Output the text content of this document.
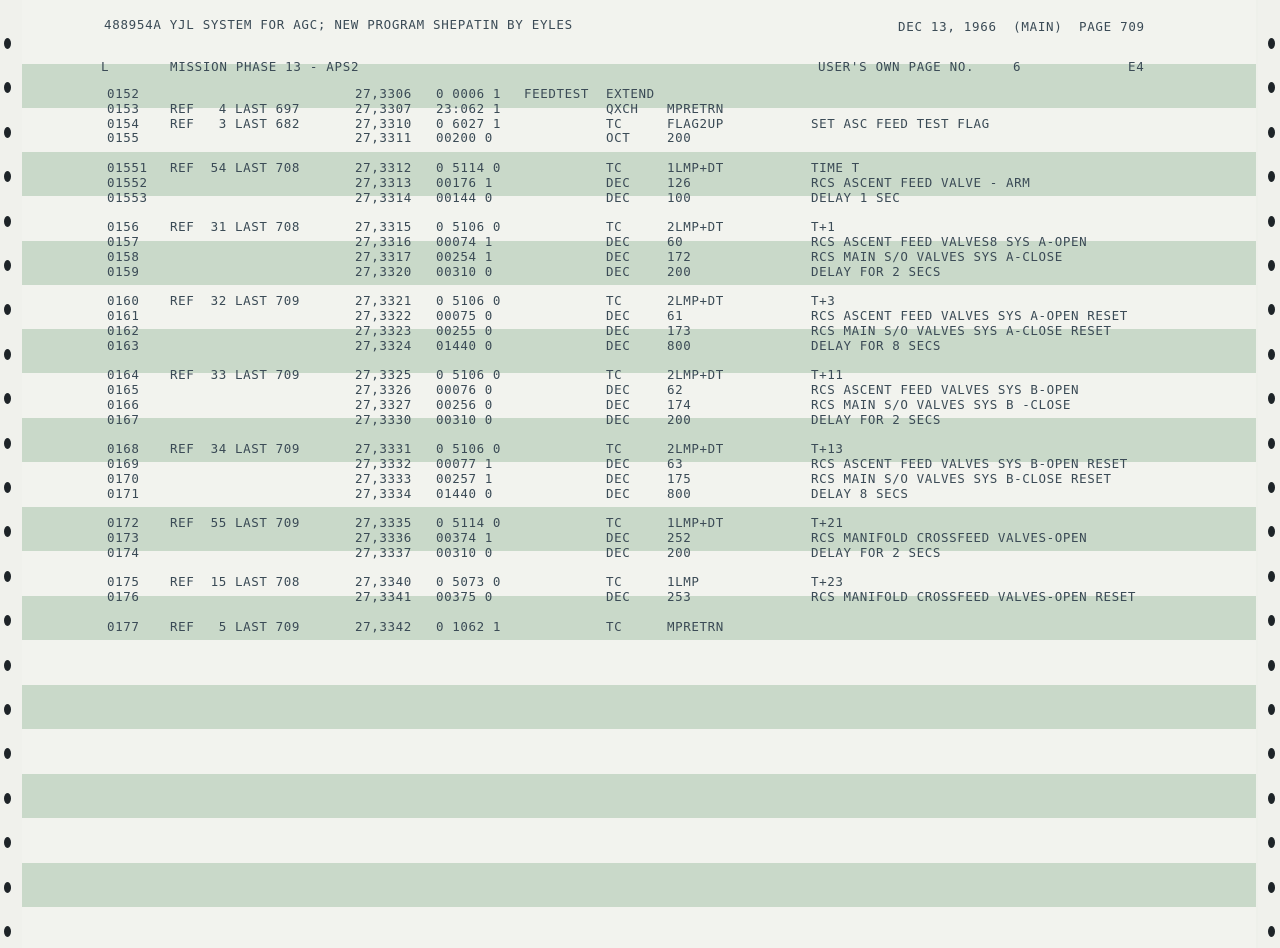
488954A YJL SYSTEM FOR AGC; NEW PROGRAM SHEPATIN BY EYLES	DEC 13, 1966  (MAIN)  PAGE 709
L	MISSION PHASE 13 - APS2	USER'S OWN PAGE NO.	6	E4
0152	27,3306 0 0006 1 FEEDTEST EXTEND
0153 REF   4 LAST 697	27,3307 23:062 1	QXCH MPRETRN
0154 REF   3 LAST 682	27,3310 0 6027 1	TC	FLAG2UP	SET ASC FEED TEST FLAG
0155	27,3311 00200 0	OCT	200
01551 REF  54 LAST 708	27,3312 0 5114 0	TC	1LMP+DT	TIME T
01552	27,3313 00176 1	DEC	126	RCS ASCENT FEED VALVE - ARM
01553	27,3314 00144 0	DEC	100	DELAY 1 SEC
0156 REF  31 LAST 708	27,3315 0 5106 0	TC	2LMP+DT	T+1
0157	27,3316 00074 1	DEC	60	RCS ASCENT FEED VALVES8 SYS A-OPEN
0158	27,3317 00254 1	DEC	172	RCS MAIN S/O VALVES SYS A-CLOSE
0159	27,3320 00310 0	DEC	200	DELAY FOR 2 SECS
0160 REF  32 LAST 709	27,3321 0 5106 0	TC	2LMP+DT	T+3
0161	27,3322 00075 0	DEC	61	RCS ASCENT FEED VALVES SYS A-OPEN RESET
0162	27,3323 00255 0	DEC	173	RCS MAIN S/O VALVES SYS A-CLOSE RESET
0163	27,3324 01440 0	DEC	800	DELAY FOR 8 SECS
0164 REF  33 LAST 709	27,3325 0 5106 0	TC	2LMP+DT	T+11
0165	27,3326 00076 0	DEC	62	RCS ASCENT FEED VALVES SYS B-OPEN
0166	27,3327 00256 0	DEC	174	RCS MAIN S/O VALVES SYS B -CLOSE
0167	27,3330 00310 0	DEC	200	DELAY FOR 2 SECS
0168 REF  34 LAST 709	27,3331 0 5106 0	TC	2LMP+DT	T+13
0169	27,3332 00077 1	DEC	63	RCS ASCENT FEED VALVES SYS B-OPEN RESET
0170	27,3333 00257 1	DEC	175	RCS MAIN S/O VALVES SYS B-CLOSE RESET
0171	27,3334 01440 0	DEC	800	DELAY 8 SECS
0172 REF  55 LAST 709	27,3335 0 5114 0	TC	1LMP+DT	T+21
0173	27,3336 00374 1	DEC	252	RCS MANIFOLD CROSSFEED VALVES-OPEN
0174	27,3337 00310 0	DEC	200	DELAY FOR 2 SECS
0175 REF  15 LAST 708	27,3340 0 5073 0	TC	1LMP	T+23
0176	27,3341 00375 0	DEC	253	RCS MANIFOLD CROSSFEED VALVES-OPEN RESET
0177 REF   5 LAST 709	27,3342 0 1062 1	TC	MPRETRN
